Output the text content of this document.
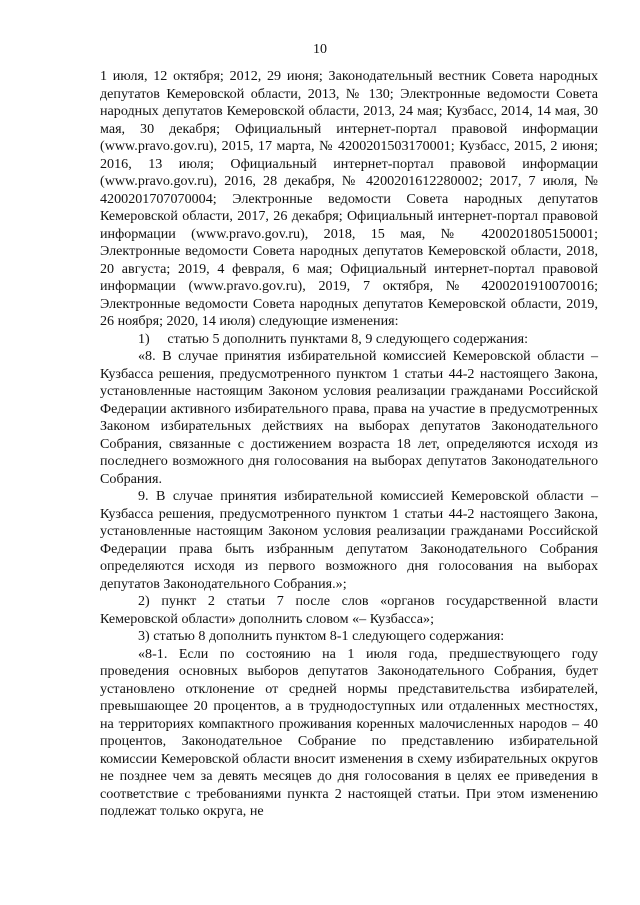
10

1 июля, 12 октября; 2012, 29 июня; Законодательный вестник Совета народных депутатов Кемеровской области, 2013, № 130; Электронные ведомости Совета народных депутатов Кемеровской области, 2013, 24 мая; Кузбасс, 2014, 14 мая, 30 мая, 30 декабря; Официальный интернет-портал правовой информации (www.pravo.gov.ru), 2015, 17 марта, № 4200201503170001; Кузбасс, 2015, 2 июня; 2016, 13 июля; Официальный интернет-портал правовой информации (www.pravo.gov.ru), 2016, 28 декабря, № 4200201612280002; 2017, 7 июля, № 4200201707070004; Электронные ведомости Совета народных депутатов Кемеровской области, 2017, 26 декабря; Официальный интернет-портал правовой информации (www.pravo.gov.ru), 2018, 15 мая, № 4200201805150001; Электронные ведомости Совета народных депутатов Кемеровской области, 2018, 20 августа; 2019, 4 февраля, 6 мая; Официальный интернет-портал правовой информации (www.pravo.gov.ru), 2019, 7 октября, № 4200201910070016; Электронные ведомости Совета народных депутатов Кемеровской области, 2019, 26 ноября; 2020, 14 июля) следующие изменения:

1)     статью 5 дополнить пунктами 8, 9 следующего содержания:

«8. В случае принятия избирательной комиссией Кемеровской области – Кузбасса решения, предусмотренного пунктом 1 статьи 44-2 настоящего Закона, установленные настоящим Законом условия реализации гражданами Российской Федерации активного избирательного права, права на участие в предусмотренных Законом избирательных действиях на выборах депутатов Законодательного Собрания, связанные с достижением возраста 18 лет, определяются исходя из последнего возможного дня голосования на выборах депутатов Законодательного Собрания.

9. В случае принятия избирательной комиссией Кемеровской области – Кузбасса решения, предусмотренного пунктом 1 статьи 44-2 настоящего Закона, установленные настоящим Законом условия реализации гражданами Российской Федерации права быть избранным депутатом Законодательного Собрания определяются исходя из первого возможного дня голосования на выборах депутатов Законодательного Собрания.»;

2) пункт 2 статьи 7 после слов «органов государственной власти Кемеровской области» дополнить словом «– Кузбасса»;

3) статью 8 дополнить пунктом 8-1 следующего содержания:

«8-1. Если по состоянию на 1 июля года, предшествующего году проведения основных выборов депутатов Законодательного Собрания, будет установлено отклонение от средней нормы представительства избирателей, превышающее 20 процентов, а в труднодоступных или отдаленных местностях, на территориях компактного проживания коренных малочисленных народов – 40 процентов, Законодательное Собрание по представлению избирательной комиссии Кемеровской области вносит изменения в схему избирательных округов не позднее чем за девять месяцев до дня голосования в целях ее приведения в соответствие с требованиями пункта 2 настоящей статьи. При этом изменению подлежат только округа, не
